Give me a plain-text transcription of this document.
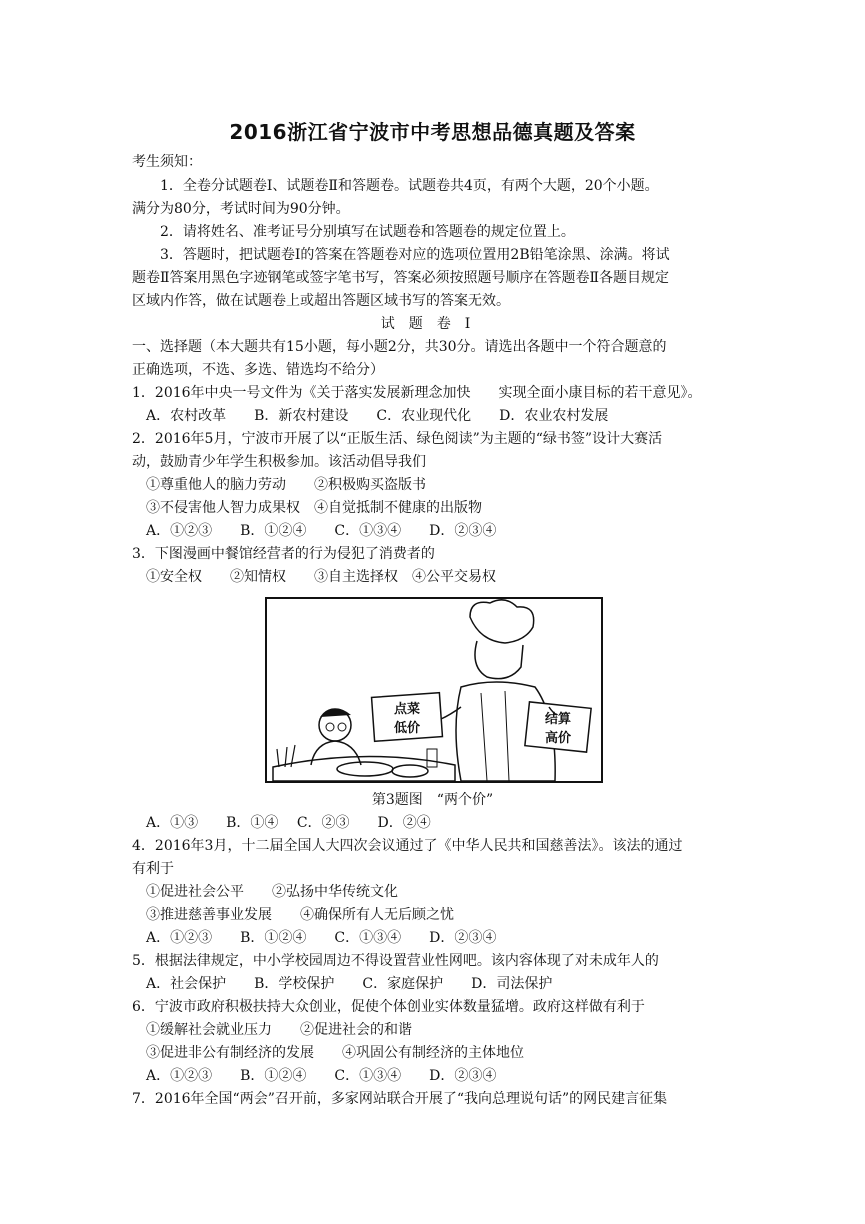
2016浙江省宁波市中考思想品德真题及答案
考生须知：
1．全卷分试题卷Ⅰ、试题卷Ⅱ和答题卷。试题卷共4页，有两个大题，20个小题。
满分为80分，考试时间为90分钟。
2．请将姓名、准考证号分别填写在试题卷和答题卷的规定位置上。
3．答题时，把试题卷Ⅰ的答案在答题卷对应的选项位置用2B铅笔涂黑、涂满。将试
题卷Ⅱ答案用黑色字迹钢笔或签字笔书写，答案必须按照题号顺序在答题卷Ⅱ各题目规定
区域内作答，做在试题卷上或超出答题区域书写的答案无效。
试题卷Ⅰ
一、选择题（本大题共有15小题，每小题2分，共30分。请选出各题中一个符合题意的
正确选项，不选、多选、错选均不给分）
1．2016年中央一号文件为《关于落实发展新理念加快　　实现全面小康目标的若干意见》。
A．农村改革　　B．新农村建设　　C．农业现代化　　D．农业农村发展
2．2016年5月，宁波市开展了以“正版生活、绿色阅读”为主题的“绿书签”设计大赛活
动，鼓励青少年学生积极参加。该活动倡导我们
①尊重他人的脑力劳动　　②积极购买盗版书
③不侵害他人智力成果权　④自觉抵制不健康的出版物
A．①②③　　B．①②④　　C．①③④　　D．②③④
3．下图漫画中餐馆经营者的行为侵犯了消费者的
①安全权　　②知情权　　③自主选择权　④公平交易权
点菜
低价
结算
高价
第3题图　“两个价”
A．①③　　B．①④　 C．②③　　D．②④
4．2016年3月，十二届全国人大四次会议通过了《中华人民共和国慈善法》。该法的通过
有利于
①促进社会公平　　②弘扬中华传统文化
③推进慈善事业发展　　④确保所有人无后顾之忧
A．①②③　　B．①②④　　C．①③④　　D．②③④
5．根据法律规定，中小学校园周边不得设置营业性网吧。该内容体现了对未成年人的
A．社会保护　　B．学校保护　　C．家庭保护　　D．司法保护
6．宁波市政府积极扶持大众创业，促使个体创业实体数量猛增。政府这样做有利于
①缓解社会就业压力　　②促进社会的和谐
③促进非公有制经济的发展　　④巩固公有制经济的主体地位
A．①②③　　B．①②④　　C．①③④　　D．②③④
7．2016年全国“两会”召开前，多家网站联合开展了“我向总理说句话”的网民建言征集
